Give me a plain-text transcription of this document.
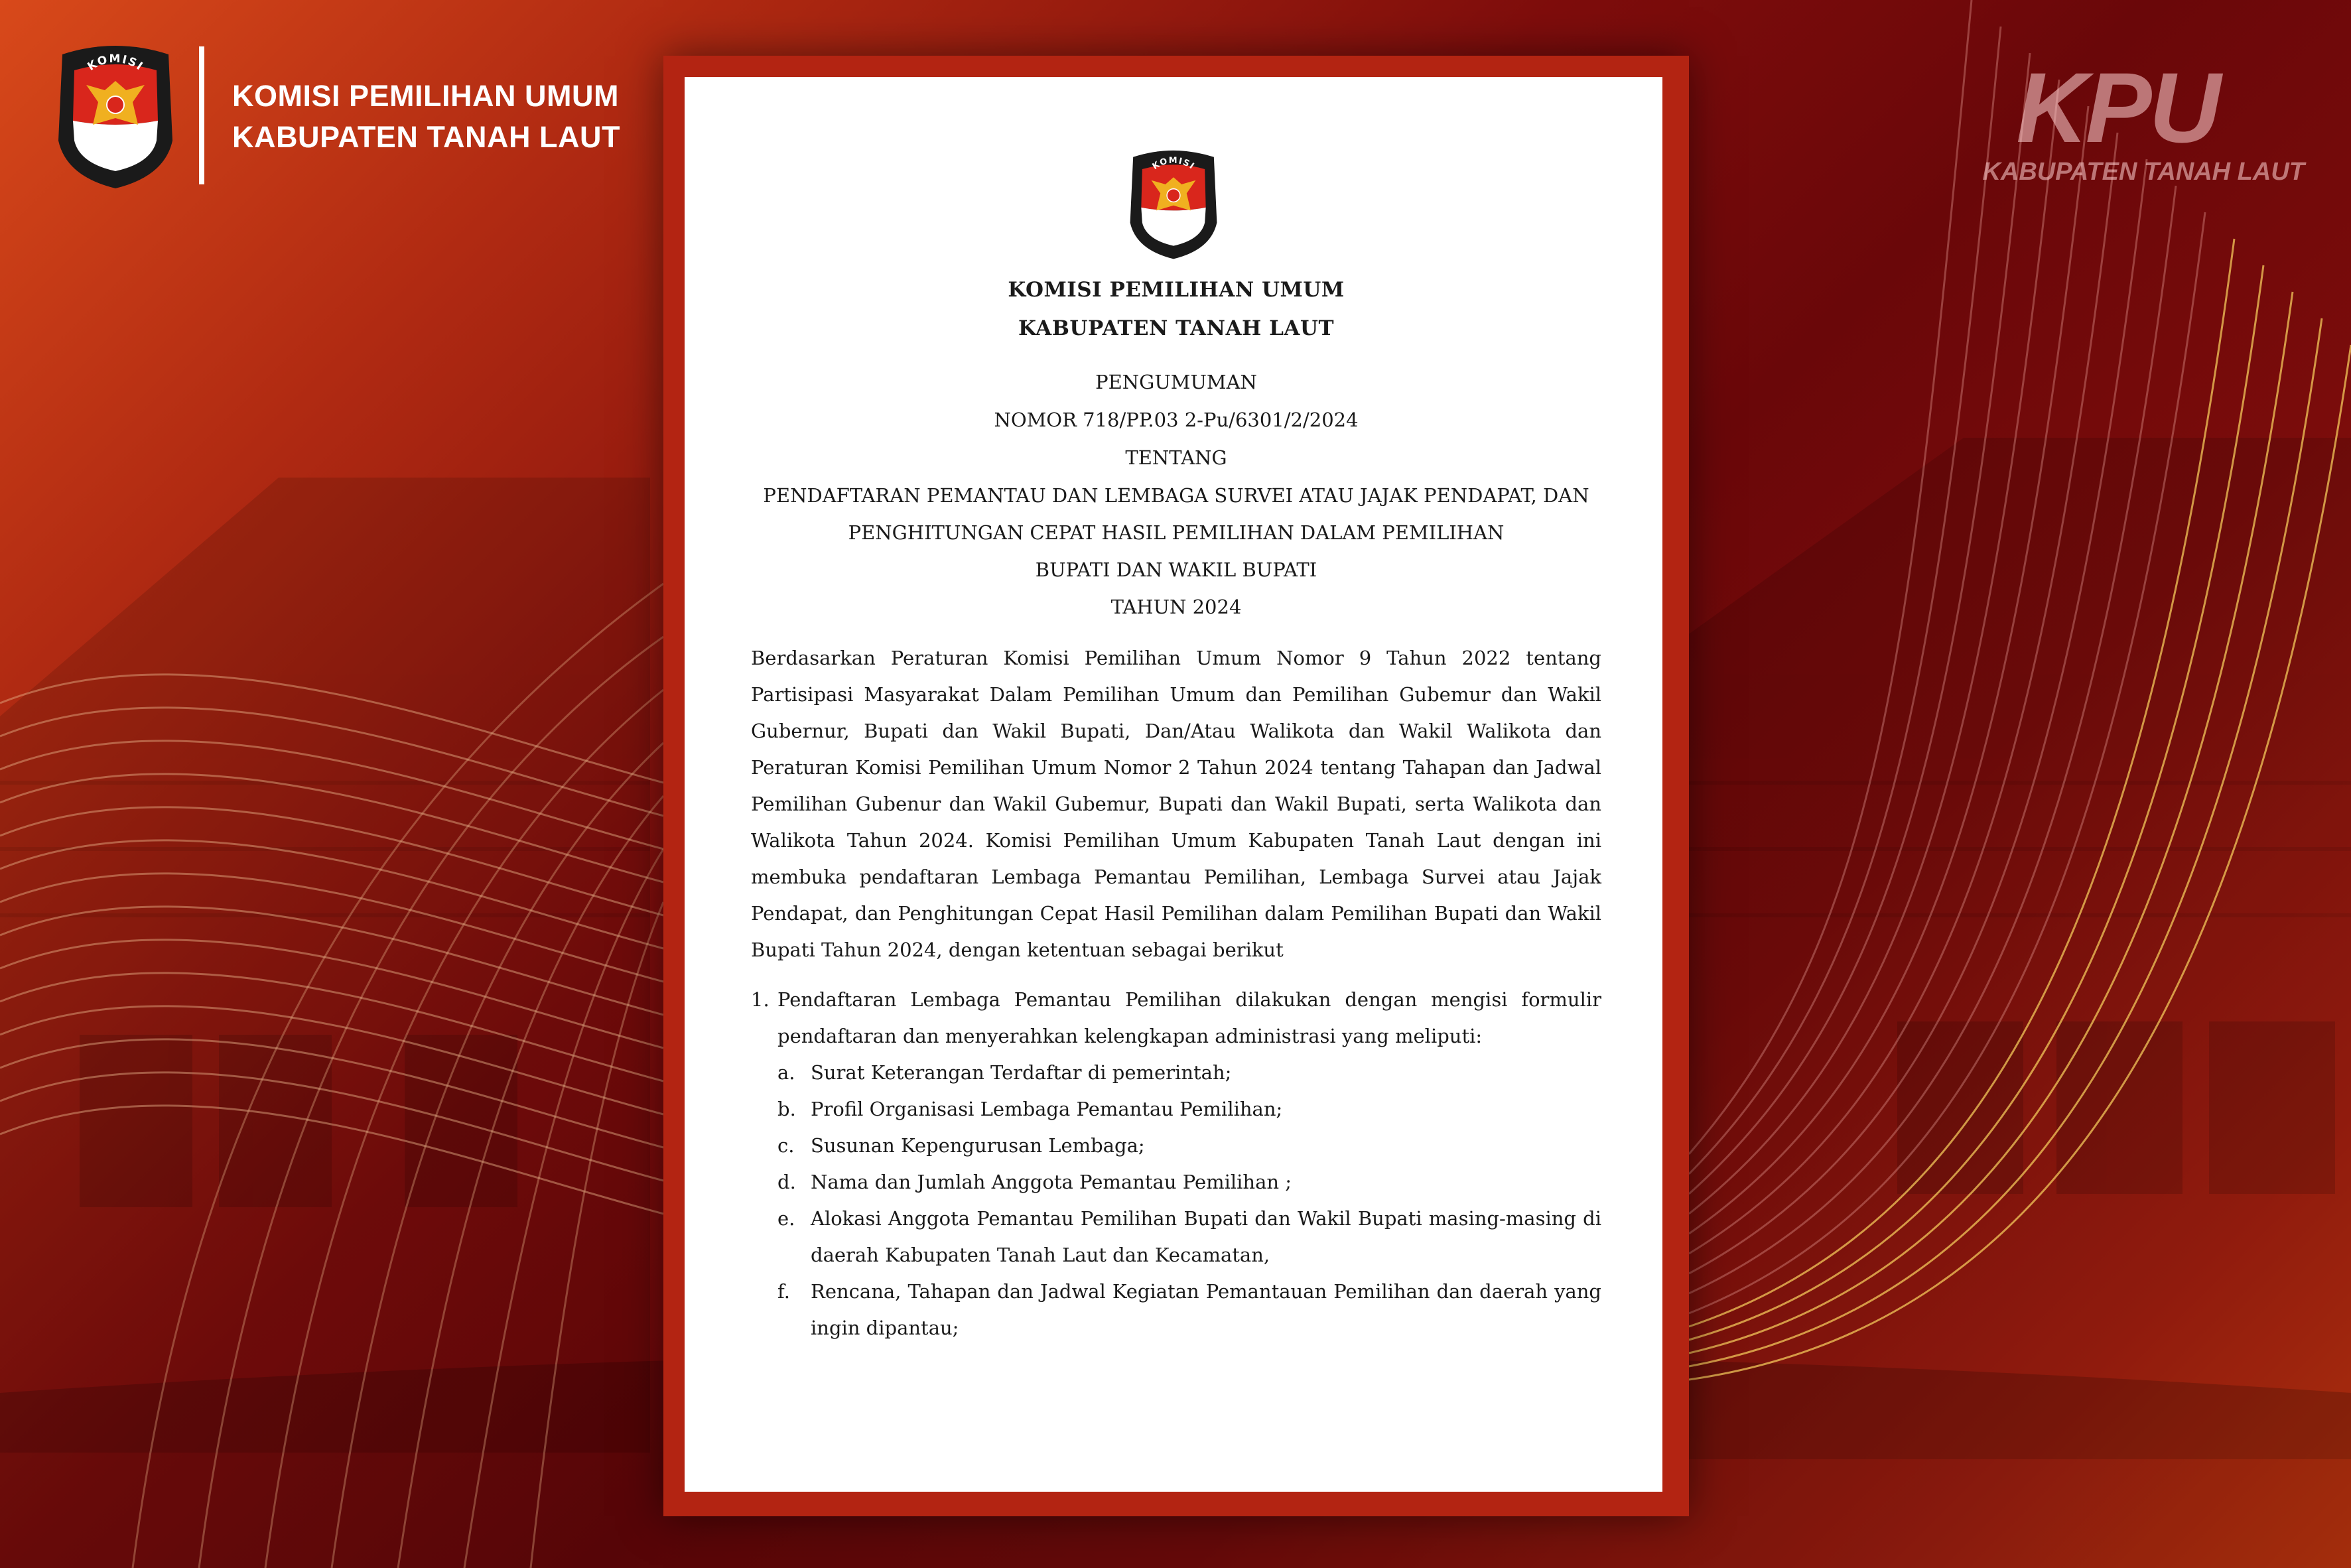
KOMISI
PEMILIHAN UMUM
KOMISI PEMILIHAN UMUM
KABUPATEN TANAH LAUT	KPU
KABUPATEN TANAH LAUT
KOMISI
PEMILIHAN UMUM
KOMISI PEMILIHAN UMUM
KABUPATEN TANAH LAUT
PENGUMUMAN
NOMOR 718/PP.03 2-Pu/6301/2/2024
TENTANG
PENDAFTARAN PEMANTAU DAN LEMBAGA SURVEI ATAU JAJAK PENDAPAT, DAN
PENGHITUNGAN CEPAT HASIL PEMILIHAN DALAM PEMILIHAN
BUPATI DAN WAKIL BUPATI
TAHUN 2024
Berdasarkan Peraturan Komisi Pemilihan Umum Nomor 9 Tahun 2022 tentang Partisipasi Masyarakat Dalam Pemilihan Umum dan Pemilihan Gubemur dan Wakil Gubernur, Bupati dan Wakil Bupati, Dan/Atau Walikota dan Wakil Walikota dan Peraturan Komisi Pemilihan Umum Nomor 2 Tahun 2024 tentang Tahapan dan Jadwal Pemilihan Gubenur dan Wakil Gubemur, Bupati dan Wakil Bupati, serta Walikota dan Walikota Tahun 2024. Komisi Pemilihan Umum Kabupaten Tanah Laut dengan ini membuka pendaftaran Lembaga Pemantau Pemilihan, Lembaga Survei atau Jajak Pendapat, dan Penghitungan Cepat Hasil Pemilihan dalam Pemilihan Bupati dan Wakil Bupati Tahun 2024, dengan ketentuan sebagai berikut
1. Pendaftaran Lembaga Pemantau Pemilihan dilakukan dengan mengisi formulir pendaftaran dan menyerahkan kelengkapan administrasi yang meliputi:
a. Surat Keterangan Terdaftar di pemerintah;
b. Profil Organisasi Lembaga Pemantau Pemilihan;
c. Susunan Kepengurusan Lembaga;
d. Nama dan Jumlah Anggota Pemantau Pemilihan ;
e. Alokasi Anggota Pemantau Pemilihan Bupati dan Wakil Bupati masing-masing di daerah Kabupaten Tanah Laut dan Kecamatan,
f. Rencana, Tahapan dan Jadwal Kegiatan Pemantauan Pemilihan dan daerah yang ingin dipantau;
